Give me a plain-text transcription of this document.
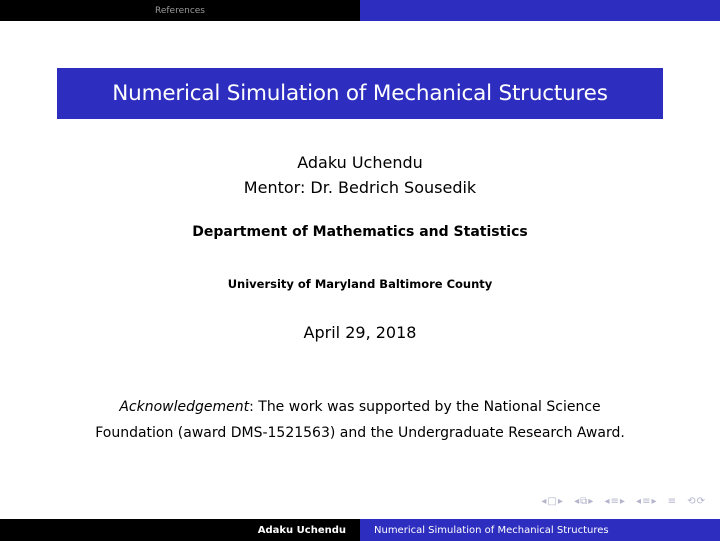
References
Numerical Simulation of Mechanical Structures
Adaku Uchendu
Mentor: Dr. Bedrich Sousedik
Department of Mathematics and Statistics
University of Maryland Baltimore County
April 29, 2018
Acknowledgement: The work was supported by the National Science Foundation (award DMS-1521563) and the Undergraduate Research Award.
◂□▸ ◂⧉▸ ◂≡▸ ◂≡▸ ≡ ⟲⟳
Adaku Uchendu	Numerical Simulation of Mechanical Structures
